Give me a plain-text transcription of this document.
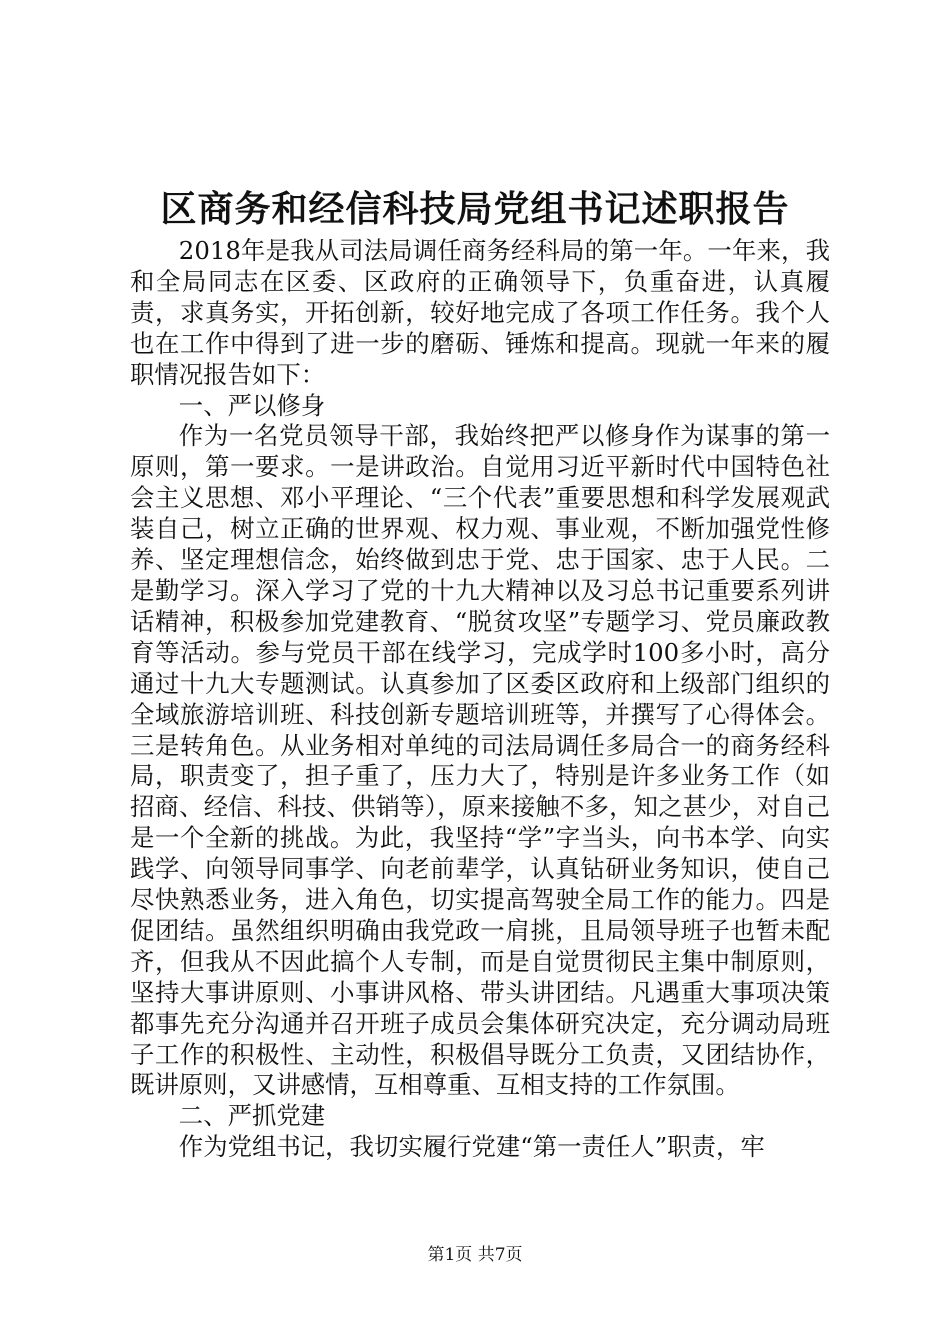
区商务和经信科技局党组书记述职报告

2018年是我从司法局调任商务经科局的第一年。一年来，我和全局同志在区委、区政府的正确领导下，负重奋进，认真履责，求真务实，开拓创新，较好地完成了各项工作任务。我个人也在工作中得到了进一步的磨砺、锤炼和提高。现就一年来的履职情况报告如下：

一、严以修身

作为一名党员领导干部，我始终把严以修身作为谋事的第一原则，第一要求。一是讲政治。自觉用习近平新时代中国特色社会主义思想、邓小平理论、“三个代表”重要思想和科学发展观武装自己，树立正确的世界观、权力观、事业观，不断加强党性修养、坚定理想信念，始终做到忠于党、忠于国家、忠于人民。二是勤学习。深入学习了党的十九大精神以及习总书记重要系列讲话精神，积极参加党建教育、“脱贫攻坚”专题学习、党员廉政教育等活动。参与党员干部在线学习，完成学时100多小时，高分通过十九大专题测试。认真参加了区委区政府和上级部门组织的全域旅游培训班、科技创新专题培训班等，并撰写了心得体会。三是转角色。从业务相对单纯的司法局调任多局合一的商务经科局，职责变了，担子重了，压力大了，特别是许多业务工作（如招商、经信、科技、供销等），原来接触不多，知之甚少，对自己是一个全新的挑战。为此，我坚持“学”字当头，向书本学、向实践学、向领导同事学、向老前辈学，认真钻研业务知识，使自己尽快熟悉业务，进入角色，切实提高驾驶全局工作的能力。四是促团结。虽然组织明确由我党政一肩挑，且局领导班子也暂未配齐，但我从不因此搞个人专制，而是自觉贯彻民主集中制原则，坚持大事讲原则、小事讲风格、带头讲团结。凡遇重大事项决策都事先充分沟通并召开班子成员会集体研究决定，充分调动局班子工作的积极性、主动性，积极倡导既分工负责，又团结协作，既讲原则，又讲感情，互相尊重、互相支持的工作氛围。

二、严抓党建

作为党组书记，我切实履行党建“第一责任人”职责，牢

第1页 共7页
